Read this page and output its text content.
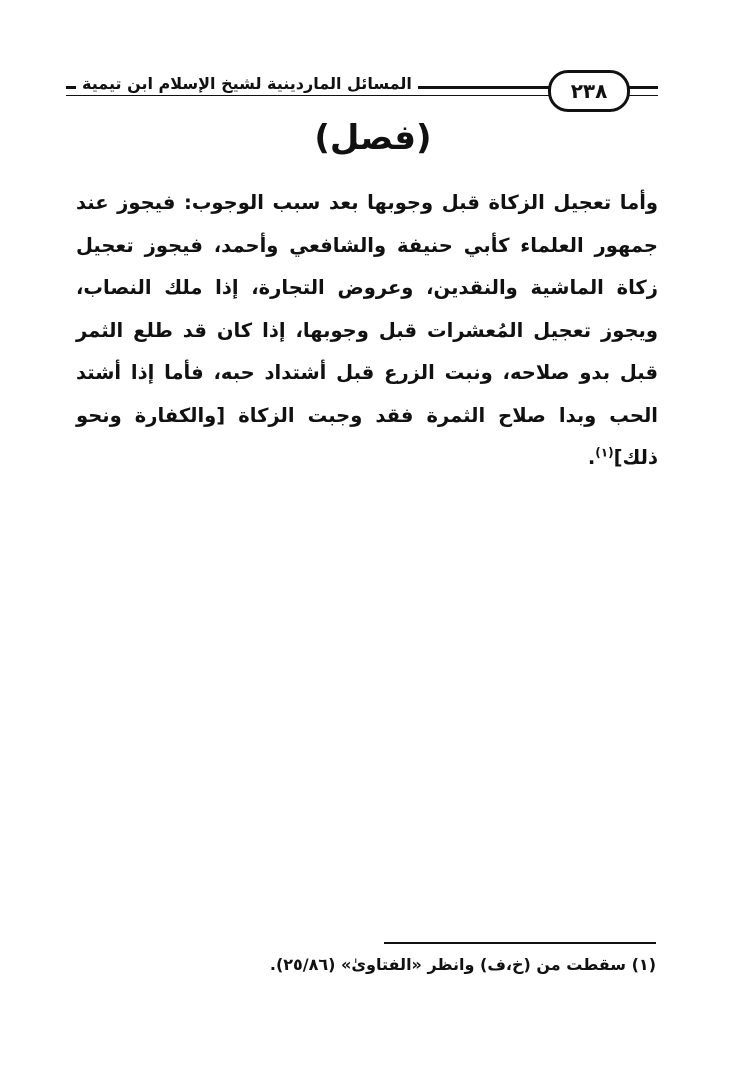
٢٣٨
المسائل الماردينية لشيخ الإسلام ابن تيمية
(فصل)
وأما تعجيل الزكاة قبل وجوبها بعد سبب الوجوب: فيجوز عند جمهور العلماء كأبي حنيفة والشافعي وأحمد، فيجوز تعجيل زكاة الماشية والنقدين، وعروض التجارة، إذا ملك النصاب، ويجوز تعجيل المُعشرات قبل وجوبها، إذا كان قد طلع الثمر قبل بدو صلاحه، ونبت الزرع قبل أشتداد حبه، فأما إذا أشتد الحب وبدا صلاح الثمرة فقد وجبت الزكاة [والكفارة ونحو ذلك]$^{(١)}$.
(١) سقطت من (خ،ف) وانظر «الفتاوىٰ» (٢٥/٨٦).
